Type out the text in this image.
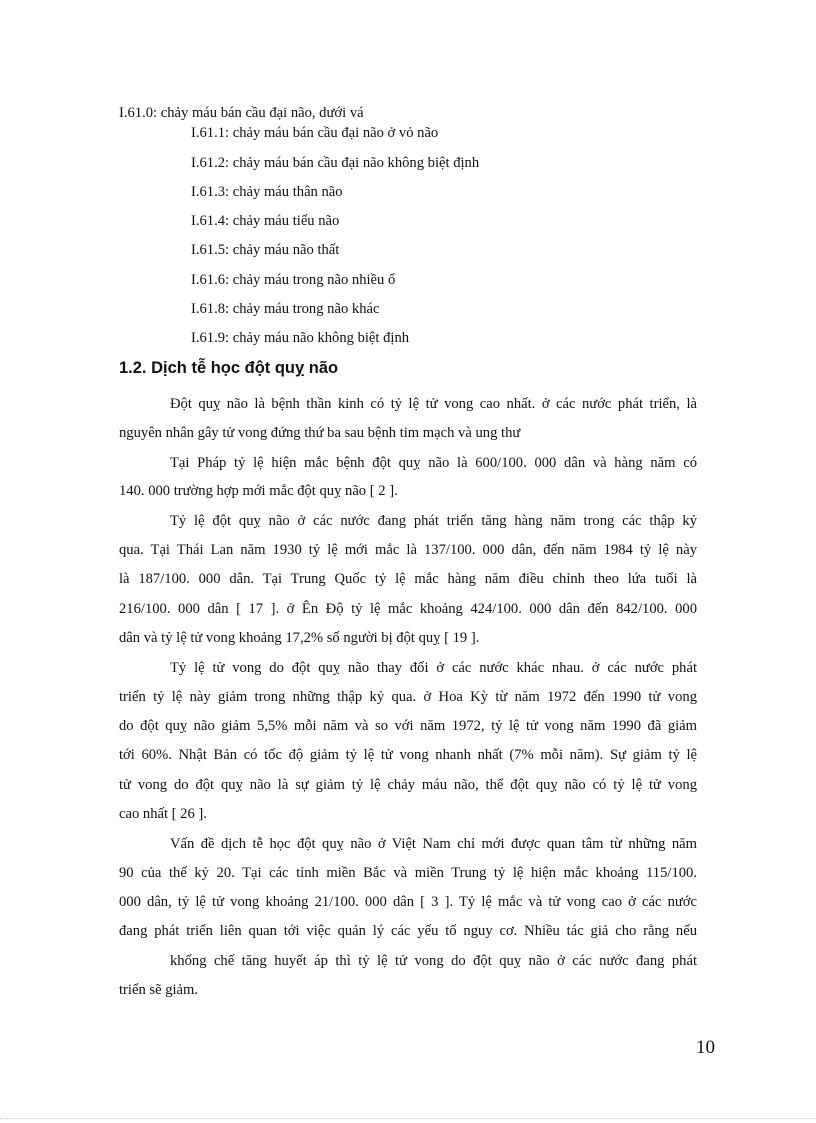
I.61.0: chảy máu bán cầu đại não, dưới vá
I.61.1: chảy máu bán cầu đại não ở vỏ não
I.61.2: chảy máu bán cầu đại não không biệt định
I.61.3: chảy máu thân não
I.61.4: chảy máu tiểu não
I.61.5: chảy máu não thất
I.61.6: chảy máu trong não nhiều ổ
I.61.8: chảy máu trong não khác
I.61.9: chảy máu não không biệt định
1.2. Dịch tễ học đột quỵ não
Đột quỵ não là bệnh thần kinh có tỷ lệ tử vong cao nhất. ở các nước phát triển, là
nguyên nhân gây tử vong đứng thứ ba sau bệnh tim mạch và ung thư
Tại Pháp tỷ lệ hiện mắc bệnh đột quỵ não là 600/100. 000 dân và hàng năm có
140. 000 trường hợp mới mắc đột quỵ não [ 2 ].
Tỷ lệ đột quỵ não ở các nước đang phát triển tăng hàng năm trong các thập kỷ
qua. Tại Thái Lan năm 1930 tỷ lệ mới mắc là 137/100. 000 dân, đến năm 1984 tỷ lệ này
là 187/100. 000 dân. Tại Trung Quốc tỷ lệ mắc hàng năm điều chỉnh theo lứa tuổi là
216/100. 000 dân [ 17 ]. ở Ên Độ tỷ lệ mắc khoảng 424/100. 000 dân đến 842/100. 000
dân và tỷ lệ tử vong khoảng 17,2% số người bị đột quỵ [ 19 ].
Tỷ lệ tử vong do đột quỵ não thay đổi ở các nước khác nhau. ở các nước phát
triển tỷ lệ này giảm trong những thập kỷ qua. ở Hoa Kỳ từ năm 1972 đến 1990 tử vong
do đột quỵ não giảm 5,5% mỗi năm và so với năm 1972, tỷ lệ tử vong năm 1990 đã giảm
tới 60%. Nhật Bản có tốc độ giảm tỷ lệ tử vong nhanh nhất (7% mỗi năm). Sự giảm tỷ lệ
tử vong do đột quỵ não là sự giảm tỷ lệ chảy máu não, thể đột quỵ não có tỷ lệ tử vong
cao nhất [ 26 ].
Vấn đề dịch tễ học đột quỵ não ở Việt Nam chỉ mới được quan tâm từ những năm
90 của thế kỷ 20. Tại các tỉnh miền Bắc và miền Trung tỷ lệ hiện mắc khoảng 115/100.
000 dân, tỷ lệ tử vong khoảng 21/100. 000 dân [ 3 ]. Tỷ lệ mắc và tử vong cao ở các nước
đang phát triển liên quan tới việc quản lý các yếu tố nguy cơ. Nhiều tác giả cho rằng nếu
khống chế tăng huyết áp thì tỷ lệ tử vong do đột quỵ não ở các nước đang phát
triển sẽ giảm.
10
